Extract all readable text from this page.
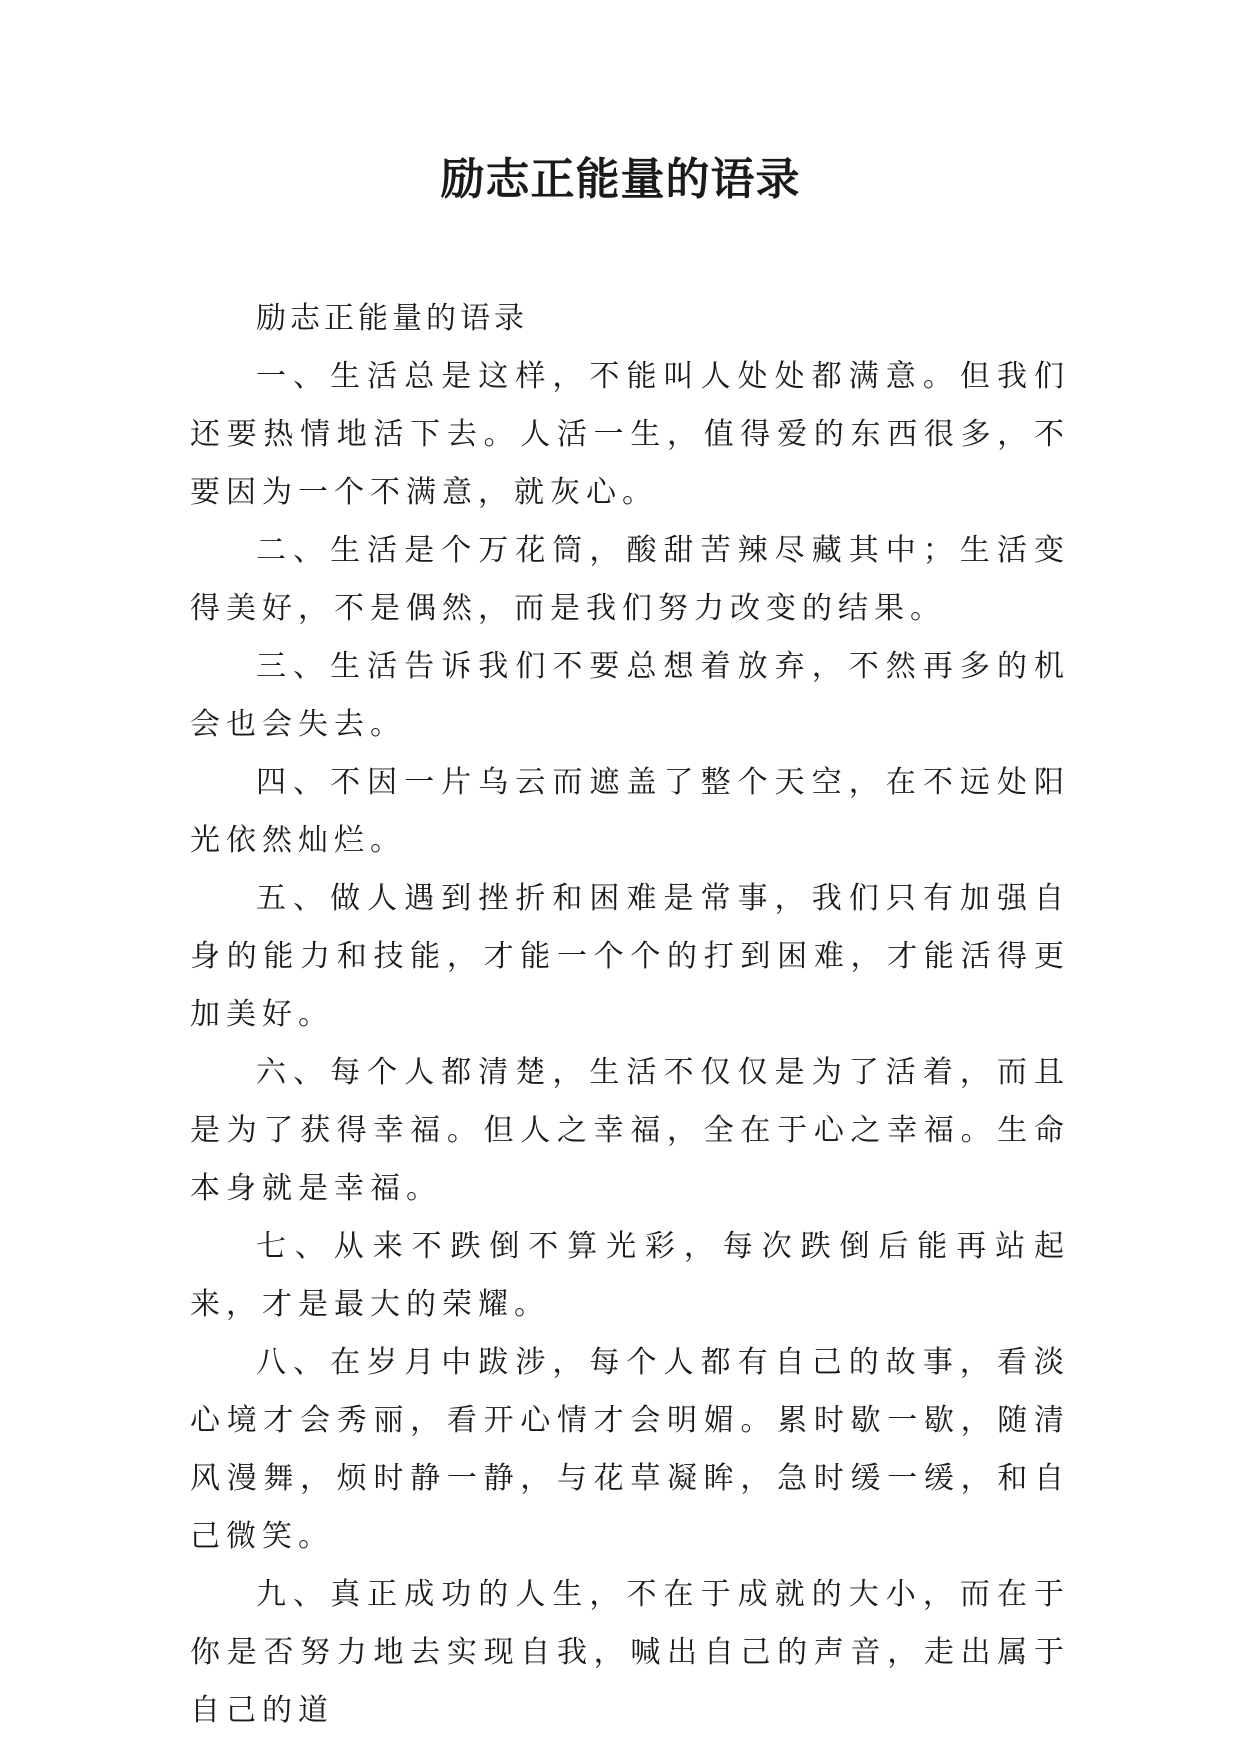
励志正能量的语录

励志正能量的语录

一、生活总是这样，不能叫人处处都满意。但我们还要热情地活下去。人活一生，值得爱的东西很多，不要因为一个不满意，就灰心。

二、生活是个万花筒，酸甜苦辣尽藏其中；生活变得美好，不是偶然，而是我们努力改变的结果。

三、生活告诉我们不要总想着放弃，不然再多的机会也会失去。

四、不因一片乌云而遮盖了整个天空，在不远处阳光依然灿烂。

五、做人遇到挫折和困难是常事，我们只有加强自身的能力和技能，才能一个个的打到困难，才能活得更加美好。

六、每个人都清楚，生活不仅仅是为了活着，而且是为了获得幸福。但人之幸福，全在于心之幸福。生命本身就是幸福。

七、从来不跌倒不算光彩，每次跌倒后能再站起来，才是最大的荣耀。

八、在岁月中跋涉，每个人都有自己的故事，看淡心境才会秀丽，看开心情才会明媚。累时歇一歇，随清风漫舞，烦时静一静，与花草凝眸，急时缓一缓，和自己微笑。

九、真正成功的人生，不在于成就的大小，而在于你是否努力地去实现自我，喊出自己的声音，走出属于自己的道
